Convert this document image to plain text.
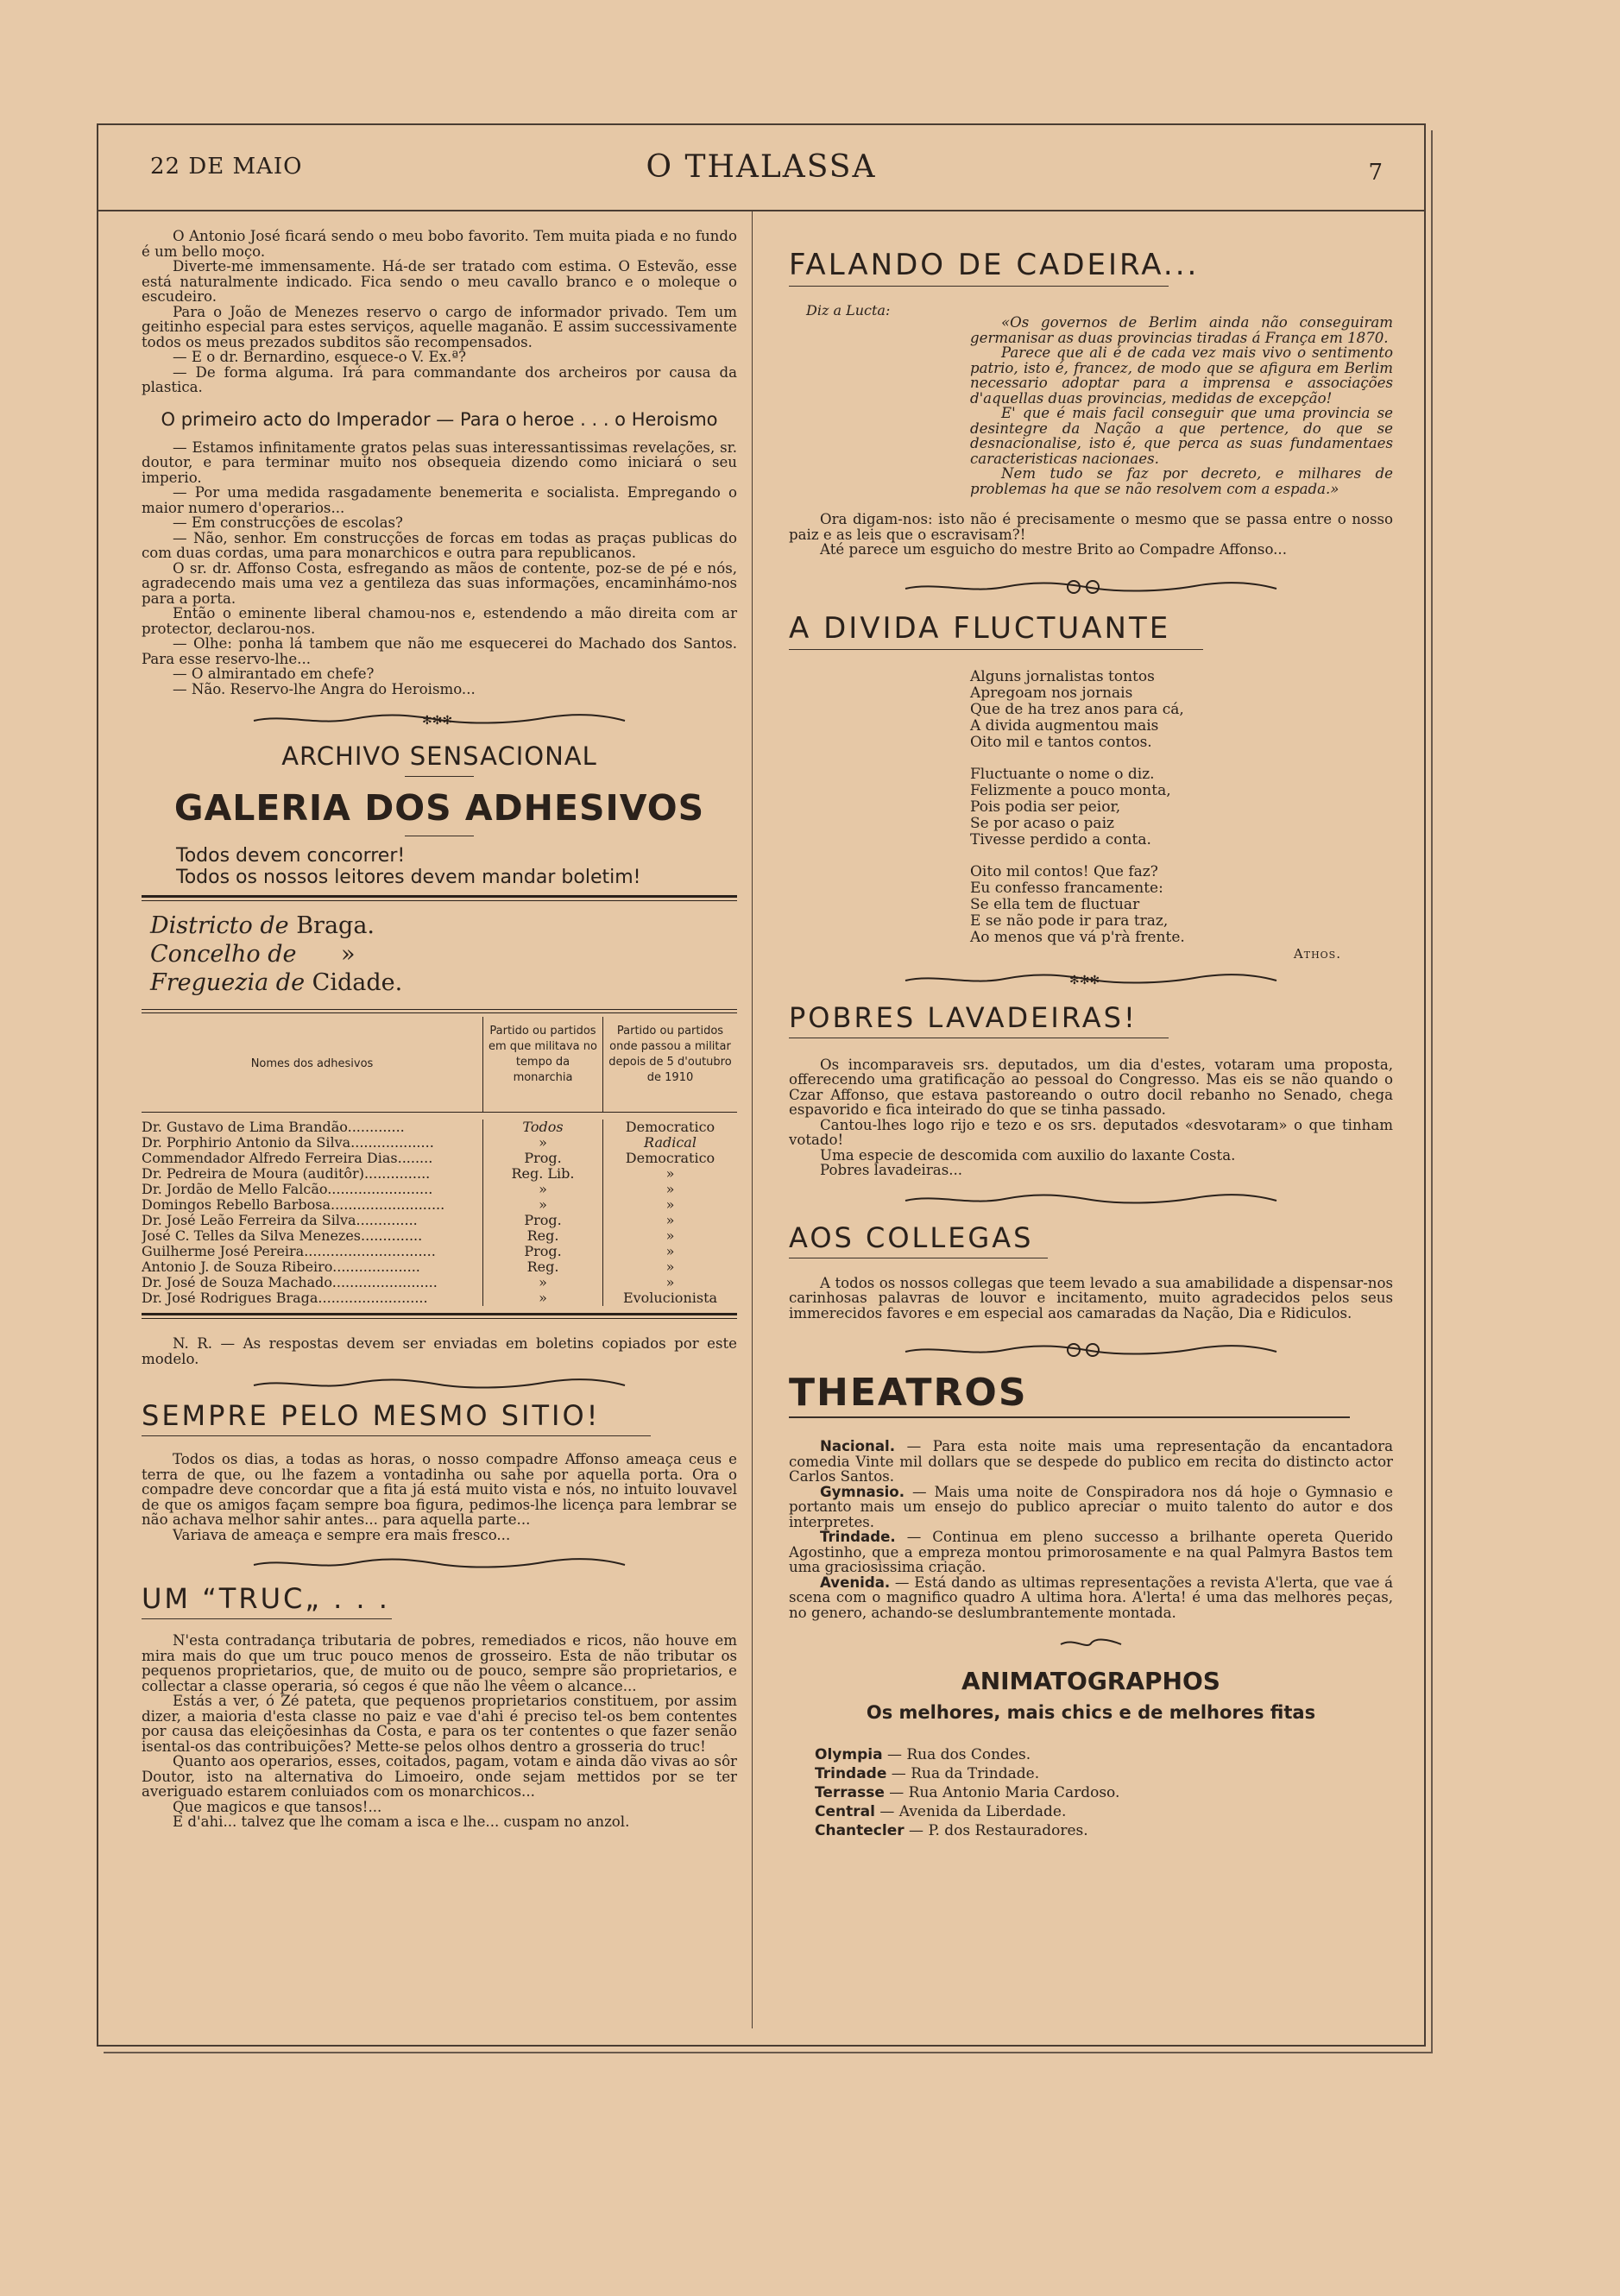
22 DE MAIO	O THALASSA	7

O Antonio José ficará sendo o meu bobo favorito. Tem muita piada e no fundo é um bello moço.

Diverte-me immensamente. Há-de ser tratado com estima. O Estevão, esse está naturalmente indicado. Fica sendo o meu cavallo branco e o moleque o escudeiro.

Para o João de Menezes reservo o cargo de informador privado. Tem um geitinho especial para estes serviços, aquelle maganão. E assim successivamente todos os meus prezados subditos são recompensados.

— E o dr. Bernardino, esquece-o V. Ex.ª?

— De forma alguma. Irá para commandante dos archeiros por causa da plastica.

O primeiro acto do Imperador — Para o heroe . . . o Heroismo

— Estamos infinitamente gratos pelas suas interessantissimas revelações, sr. doutor, e para terminar muito nos obsequeia dizendo como iniciará o seu imperio.

— Por uma medida rasgadamente benemerita e socialista. Empregando o maior numero d'operarios...

— Em construcções de escolas?

— Não, senhor. Em construcções de forcas em todas as praças publicas do com duas cordas, uma para monarchicos e outra para republicanos.

O sr. dr. Affonso Costa, esfregando as mãos de contente, poz-se de pé e nós, agradecendo mais uma vez a gentileza das suas informações, encaminhámo-nos para a porta.

Então o eminente liberal chamou-nos e, estendendo a mão direita com ar protector, declarou-nos.

— Olhe: ponha lá tambem que não me esquecerei do Machado dos Santos. Para esse reservo-lhe...

— O almirantado em chefe?

— Não. Reservo-lhe Angra do Heroismo...

✻✻✻
ARCHIVO SENSACIONAL
GALERIA DOS ADHESIVOS
Todos devem concorrer!
Todos os nossos leitores devem mandar boletim!
Districto de Braga.
Concelho de »
Freguezia de Cidade.
Nomes dos adhesivos	Partido ou partidos em que militava no tempo da monarchia	Partido ou partidos onde passou a militar depois de 5 d'outubro de 1910

Dr. Gustavo de Lima Brandão.............	Todos	Democratico
Dr. Porphirio Antonio da Silva...................	»	Radical
Commendador Alfredo Ferreira Dias........	Prog.	Democratico
Dr. Pedreira de Moura (auditôr)...............	Reg. Lib.	»
Dr. Jordão de Mello Falcão........................	»	»
Domingos Rebello Barbosa..........................	»	»
Dr. José Leão Ferreira da Silva..............	Prog.	»
José C. Telles da Silva Menezes..............	Reg.	»
Guilherme José Pereira..............................	Prog.	»
Antonio J. de Souza Ribeiro....................	Reg.	»
Dr. José de Souza Machado........................	»	»
Dr. José Rodrigues Braga.........................	»	Evolucionista

N. R. — As respostas devem ser enviadas em boletins copiados por este modelo.

SEMPRE PELO MESMO SITIO!

Todos os dias, a todas as horas, o nosso compadre Affonso ameaça ceus e terra de que, ou lhe fazem a vontadinha ou sahe por aquella porta. Ora o compadre deve concordar que a fita já está muito vista e nós, no intuito louvavel de que os amigos façam sempre boa figura, pedimos-lhe licença para lembrar se não achava melhor sahir antes... para aquella parte...

Variava de ameaça e sempre era mais fresco...

UM “TRUC„ . . .

N'esta contradança tributaria de pobres, remediados e ricos, não houve em mira mais do que um truc pouco menos de grosseiro. Esta de não tributar os pequenos proprietarios, que, de muito ou de pouco, sempre são proprietarios, e collectar a classe operaria, só cegos é que não lhe vêem o alcance...

Estás a ver, ó Zé pateta, que pequenos proprietarios constituem, por assim dizer, a maioria d'esta classe no paiz e vae d'ahi é preciso tel-os bem contentes por causa das eleiçõesinhas da Costa, e para os ter contentes o que fazer senão isental-os das contribuições? Mette-se pelos olhos dentro a grosseria do truc!

Quanto aos operarios, esses, coitados, pagam, votam e ainda dão vivas ao sôr Doutor, isto na alternativa do Limoeiro, onde sejam mettidos por se ter averiguado estarem conluiados com os monarchicos...

Que magicos e que tansos!...

E d'ahi... talvez que lhe comam a isca e lhe... cuspam no anzol.

FALANDO DE CADEIRA...
Diz a Lucta:

«Os governos de Berlim ainda não conseguiram germanisar as duas provincias tiradas á França em 1870.

Parece que ali é de cada vez mais vivo o sentimento patrio, isto é, francez, de modo que se afigura em Berlim necessario adoptar para a imprensa e associações d'aquellas duas provincias, medidas de excepção!

E' que é mais facil conseguir que uma provincia se desintegre da Nação a que pertence, do que se desnacionalise, isto é, que perca as suas fundamentaes caracteristicas nacionaes.

Nem tudo se faz por decreto, e milhares de problemas ha que se não resolvem com a espada.»

Ora digam-nos: isto não é precisamente o mesmo que se passa entre o nosso paiz e as leis que o escravisam?!

Até parece um esguicho do mestre Brito ao Compadre Affonso...

A DIVIDA FLUCTUANTE

Alguns jornalistas tontos

Apregoam nos jornais

Que de ha trez anos para cá,

A divida augmentou mais

Oito mil e tantos contos.

Fluctuante o nome o diz.

Felizmente a pouco monta,

Pois podia ser peior,

Se por acaso o paiz

Tivesse perdido a conta.

Oito mil contos! Que faz?

Eu confesso francamente:

Se ella tem de fluctuar

E se não pode ir para traz,

Ao menos que vá p'rà frente.

Athos.
✻✻✻
POBRES LAVADEIRAS!

Os incomparaveis srs. deputados, um dia d'estes, votaram uma proposta, offerecendo uma gratificação ao pessoal do Congresso. Mas eis se não quando o Czar Affonso, que estava pastoreando o outro docil rebanho no Senado, chega espavorido e fica inteirado do que se tinha passado.

Cantou-lhes logo rijo e tezo e os srs. deputados «desvotaram» o que tinham votado!

Uma especie de descomida com auxilio do laxante Costa.

Pobres lavadeiras...

AOS COLLEGAS

A todos os nossos collegas que teem levado a sua amabilidade a dispensar-nos carinhosas palavras de louvor e incitamento, muito agradecidos pelos seus immerecidos favores e em especial aos camaradas da Nação, Dia e Ridiculos.

THEATROS

Nacional. — Para esta noite mais uma representação da encantadora comedia Vinte mil dollars que se despede do publico em recita do distincto actor Carlos Santos.

Gymnasio. — Mais uma noite de Conspiradora nos dá hoje o Gymnasio e portanto mais um ensejo do publico apreciar o muito talento do autor e dos interpretes.

Trindade. — Continua em pleno successo a brilhante opereta Querido Agostinho, que a empreza montou primorosamente e na qual Palmyra Bastos tem uma graciosissima criação.

Avenida. — Está dando as ultimas representações a revista A'lerta, que vae á scena com o magnifico quadro A ultima hora. A'lerta! é uma das melhores peças, no genero, achando-se deslumbrantemente montada.

ANIMATOGRAPHOS
Os melhores, mais chics e de melhores fitas
Olympia — Rua dos Condes.
Trindade — Rua da Trindade.
Terrasse — Rua Antonio Maria Cardoso.
Central — Avenida da Liberdade.
Chantecler — P. dos Restauradores.
